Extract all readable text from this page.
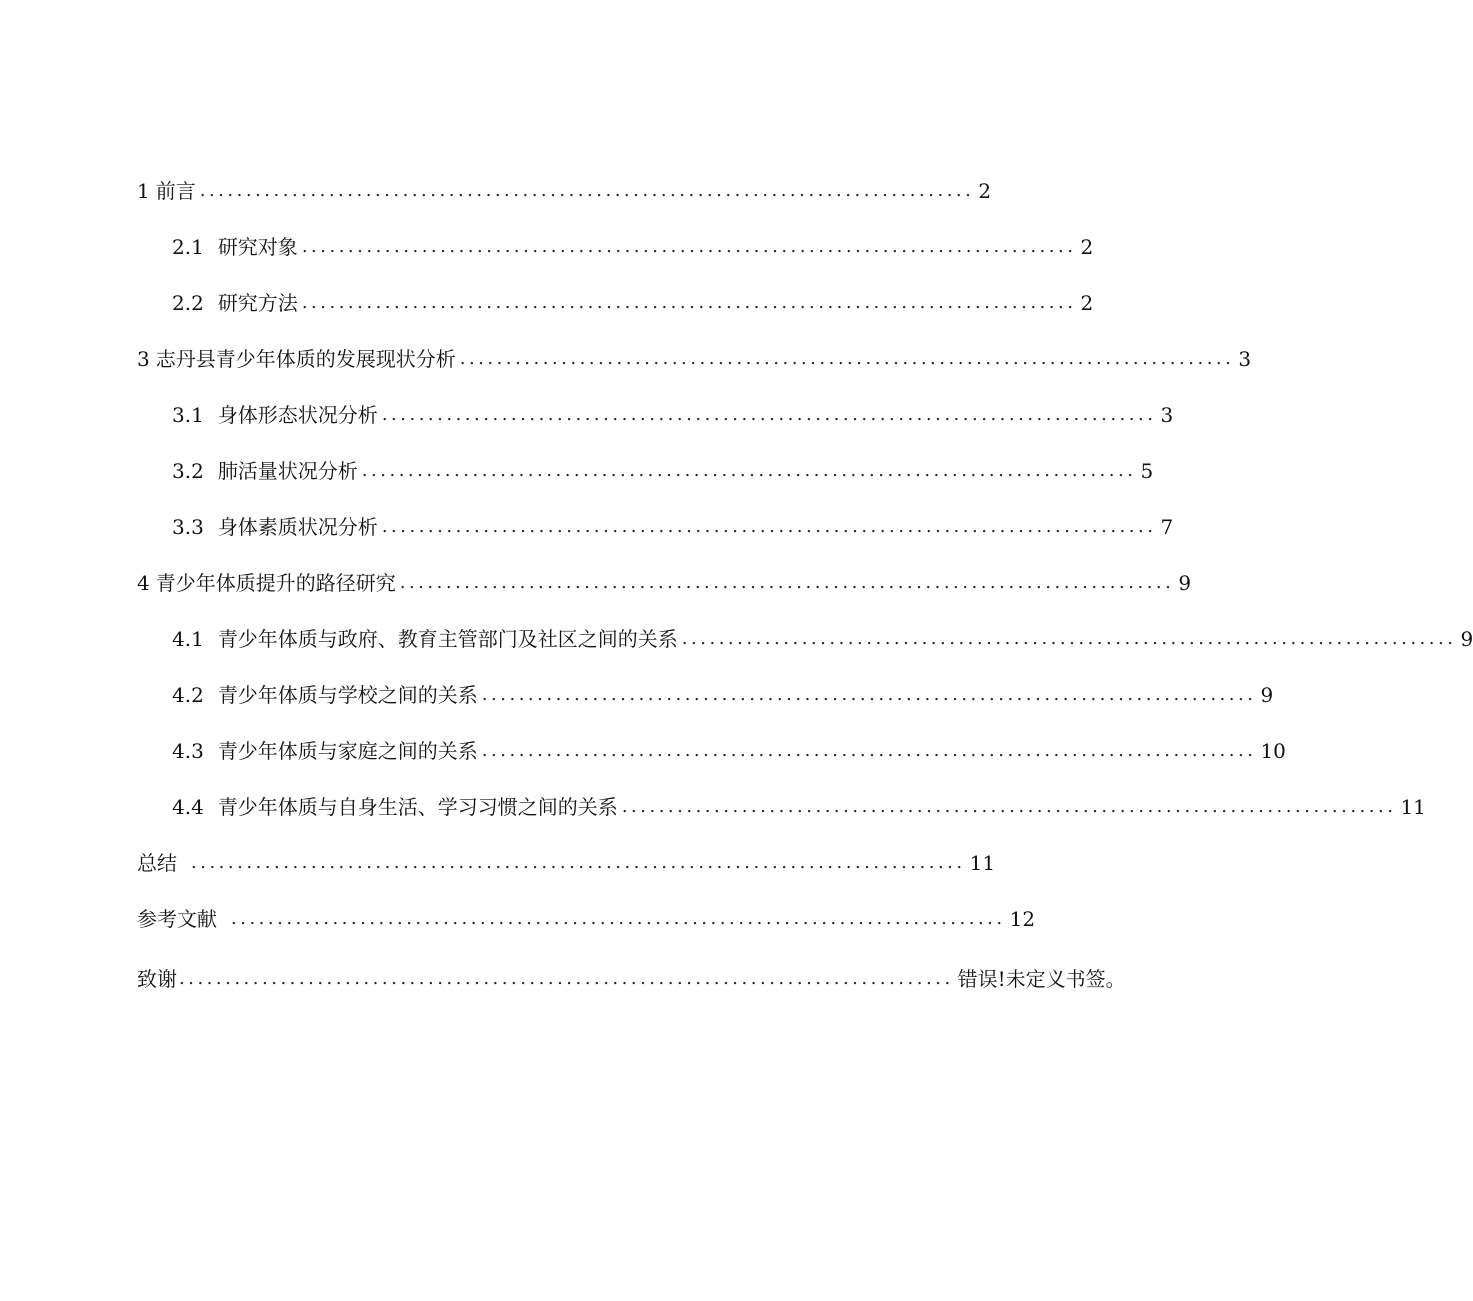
1 前言 .................................................................................... 2
2.1 研究对象 .................................................................................... 2
2.2 研究方法 .................................................................................... 2
3 志丹县青少年体质的发展现状分析 .................................................................................... 3
3.1 身体形态状况分析 .................................................................................... 3
3.2 肺活量状况分析 .................................................................................... 5
3.3 身体素质状况分析 .................................................................................... 7
4 青少年体质提升的路径研究 .................................................................................... 9
4.1 青少年体质与政府、教育主管部门及社区之间的关系 .................................................................................... 9
4.2 青少年体质与学校之间的关系 .................................................................................... 9
4.3 青少年体质与家庭之间的关系 .................................................................................... 10
4.4 青少年体质与自身生活、学习习惯之间的关系 .................................................................................... 11
总结 .................................................................................... 11
参考文献 .................................................................................... 12
致谢 .................................................................................... 错误!未定义书签。
